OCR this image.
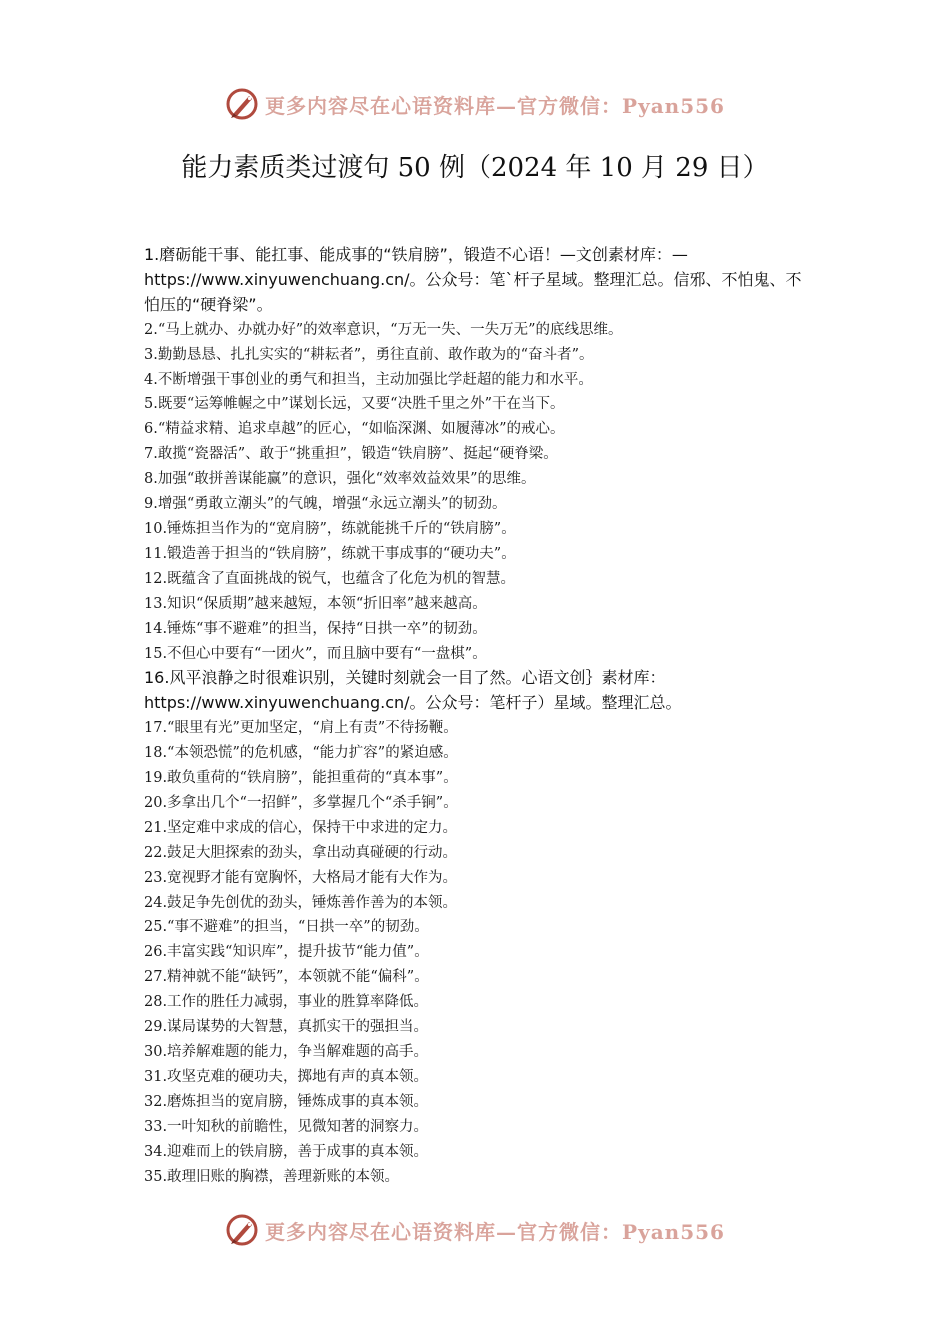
更多内容尽在心语资料库—官方微信：Pyan556
能力素质类过渡句 50 例（2024 年 10 月 29 日）
1.磨砺能干事、能扛事、能成事的“铁肩膀”，锻造不心语！—文创素材库：—https://www.xinyuwenchuang.cn/。公众号：笔`杆子星域。整理汇总。信邪、不怕鬼、不怕压的“硬脊梁”。
2.“马上就办、办就办好”的效率意识，“万无一失、一失万无”的底线思维。
3.勤勤恳恳、扎扎实实的“耕耘者”，勇往直前、敢作敢为的“奋斗者”。
4.不断增强干事创业的勇气和担当，主动加强比学赶超的能力和水平。
5.既要“运筹帷幄之中”谋划长远，又要“决胜千里之外”干在当下。
6.“精益求精、追求卓越”的匠心，“如临深渊、如履薄冰”的戒心。
7.敢揽“瓷器活”、敢于“挑重担”，锻造“铁肩膀”、挺起“硬脊梁。
8.加强“敢拼善谋能赢”的意识，强化“效率效益效果”的思维。
9.增强“勇敢立潮头”的气魄，增强“永远立潮头”的韧劲。
10.锤炼担当作为的“宽肩膀”，练就能挑千斤的“铁肩膀”。
11.锻造善于担当的“铁肩膀”，练就干事成事的“硬功夫”。
12.既蕴含了直面挑战的锐气，也蕴含了化危为机的智慧。
13.知识“保质期”越来越短，本领“折旧率”越来越高。
14.锤炼“事不避难”的担当，保持“日拱一卒”的韧劲。
15.不但心中要有“一团火”，而且脑中要有“一盘棋”。
16.风平浪静之时很难识别，关键时刻就会一目了然。心语文创｝素材库：https://www.xinyuwenchuang.cn/。公众号：笔杆子）星域。整理汇总。
17.“眼里有光”更加坚定，“肩上有责”不待扬鞭。
18.“本领恐慌”的危机感，“能力扩容”的紧迫感。
19.敢负重荷的“铁肩膀”，能担重荷的“真本事”。
20.多拿出几个“一招鲜”，多掌握几个“杀手锏”。
21.坚定难中求成的信心，保持干中求进的定力。
22.鼓足大胆探索的劲头，拿出动真碰硬的行动。
23.宽视野才能有宽胸怀，大格局才能有大作为。
24.鼓足争先创优的劲头，锤炼善作善为的本领。
25.“事不避难”的担当，“日拱一卒”的韧劲。
26.丰富实践“知识库”，提升拔节“能力值”。
27.精神就不能“缺钙”，本领就不能“偏科”。
28.工作的胜任力减弱，事业的胜算率降低。
29.谋局谋势的大智慧，真抓实干的强担当。
30.培养解难题的能力，争当解难题的高手。
31.攻坚克难的硬功夫，掷地有声的真本领。
32.磨炼担当的宽肩膀，锤炼成事的真本领。
33.一叶知秋的前瞻性，见微知著的洞察力。
34.迎难而上的铁肩膀，善于成事的真本领。
35.敢理旧账的胸襟，善理新账的本领。
更多内容尽在心语资料库—官方微信：Pyan556
